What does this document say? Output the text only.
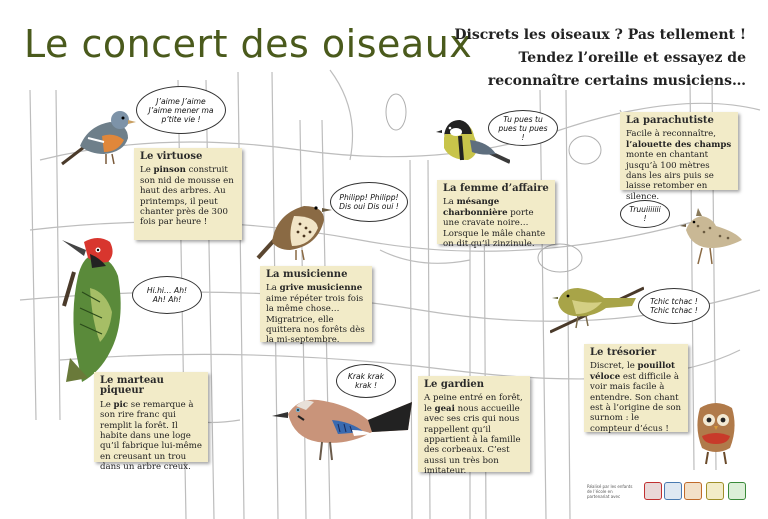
Le concert des oiseaux
Discrets les oiseaux ? Pas tellement ! Tendez l’oreille et essayez de reconnaître certains musiciens…
J’aime J’aime J’aime mener ma p’tite vie !
Philipp! Philipp! Dis oui Dis oui !
Tu pues tu pues tu pues !
Truuiiiiiii !
Hi.hi… Ah! Ah! Ah!
Krak krak krak !
Tchic tchac ! Tchic tchac !
Le virtuose

Le pinson construit son nid de mousse en haut des arbres. Au printemps, il peut chanter près de 300 fois par heure !

La musicienne

La grive musicienne aime répéter trois fois la même chose… Migratrice, elle quittera nos forêts dès la mi-septembre.

La femme d’affaire

La mésange charbonnière porte une cravate noire… Lorsque le mâle chante on dit qu’il zinzinule.

La parachutiste

Facile à reconnaître, l’alouette des champs monte en chantant jusqu’à 100 mètres dans les airs puis se laisse retomber en silence.

Le marteau piqueur

Le pic se remarque à son rire franc qui remplit la forêt. Il habite dans une loge qu’il fabrique lui-même en creusant un trou dans un arbre creux.

Le gardien

A peine entré en forêt, le geai nous accueille avec ses cris qui nous rappellent qu’il appartient à la famille des corbeaux. C’est aussi un très bon imitateur.

Le trésorier

Discret, le pouillot véloce est difficile à voir mais facile à entendre. Son chant est à l’origine de son surnom : le compteur d’écus !

Réalisé par les enfants de l’école en partenariat avec
